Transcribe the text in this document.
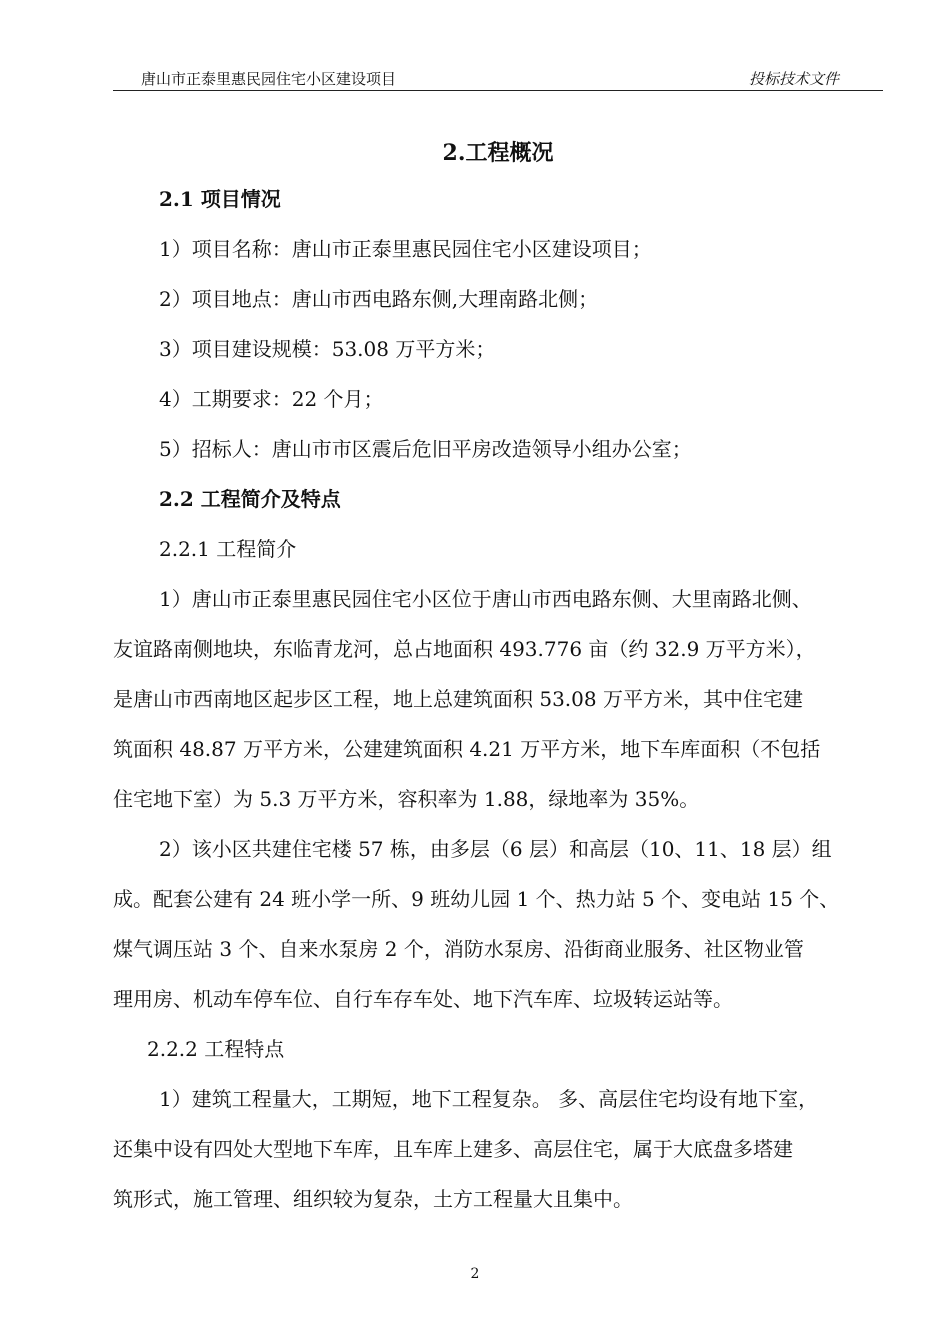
唐山市正泰里惠民园住宅小区建设项目	投标技术文件
2.工程概况
2.1 项目情况
1）项目名称：唐山市正泰里惠民园住宅小区建设项目；
2）项目地点：唐山市西电路东侧,大理南路北侧；
3）项目建设规模：53.08 万平方米；
4）工期要求：22 个月；
5）招标人：唐山市市区震后危旧平房改造领导小组办公室；
2.2 工程简介及特点
2.2.1 工程简介
1）唐山市正泰里惠民园住宅小区位于唐山市西电路东侧、大里南路北侧、
友谊路南侧地块，东临青龙河，总占地面积 493.776 亩（约 32.9 万平方米），
是唐山市西南地区起步区工程，地上总建筑面积 53.08 万平方米，其中住宅建
筑面积 48.87 万平方米，公建建筑面积 4.21 万平方米，地下车库面积（不包括
住宅地下室）为 5.3 万平方米，容积率为 1.88，绿地率为 35%。
2）该小区共建住宅楼 57 栋，由多层（6 层）和高层（10、11、18 层）组
成。配套公建有 24 班小学一所、9 班幼儿园 1 个、热力站 5 个、变电站 15 个、
煤气调压站 3 个、自来水泵房 2 个，消防水泵房、沿街商业服务、社区物业管
理用房、机动车停车位、自行车存车处、地下汽车库、垃圾转运站等。
2.2.2 工程特点
1）建筑工程量大，工期短，地下工程复杂。 多、高层住宅均设有地下室，
还集中设有四处大型地下车库，且车库上建多、高层住宅，属于大底盘多塔建
筑形式，施工管理、组织较为复杂，土方工程量大且集中。
2
